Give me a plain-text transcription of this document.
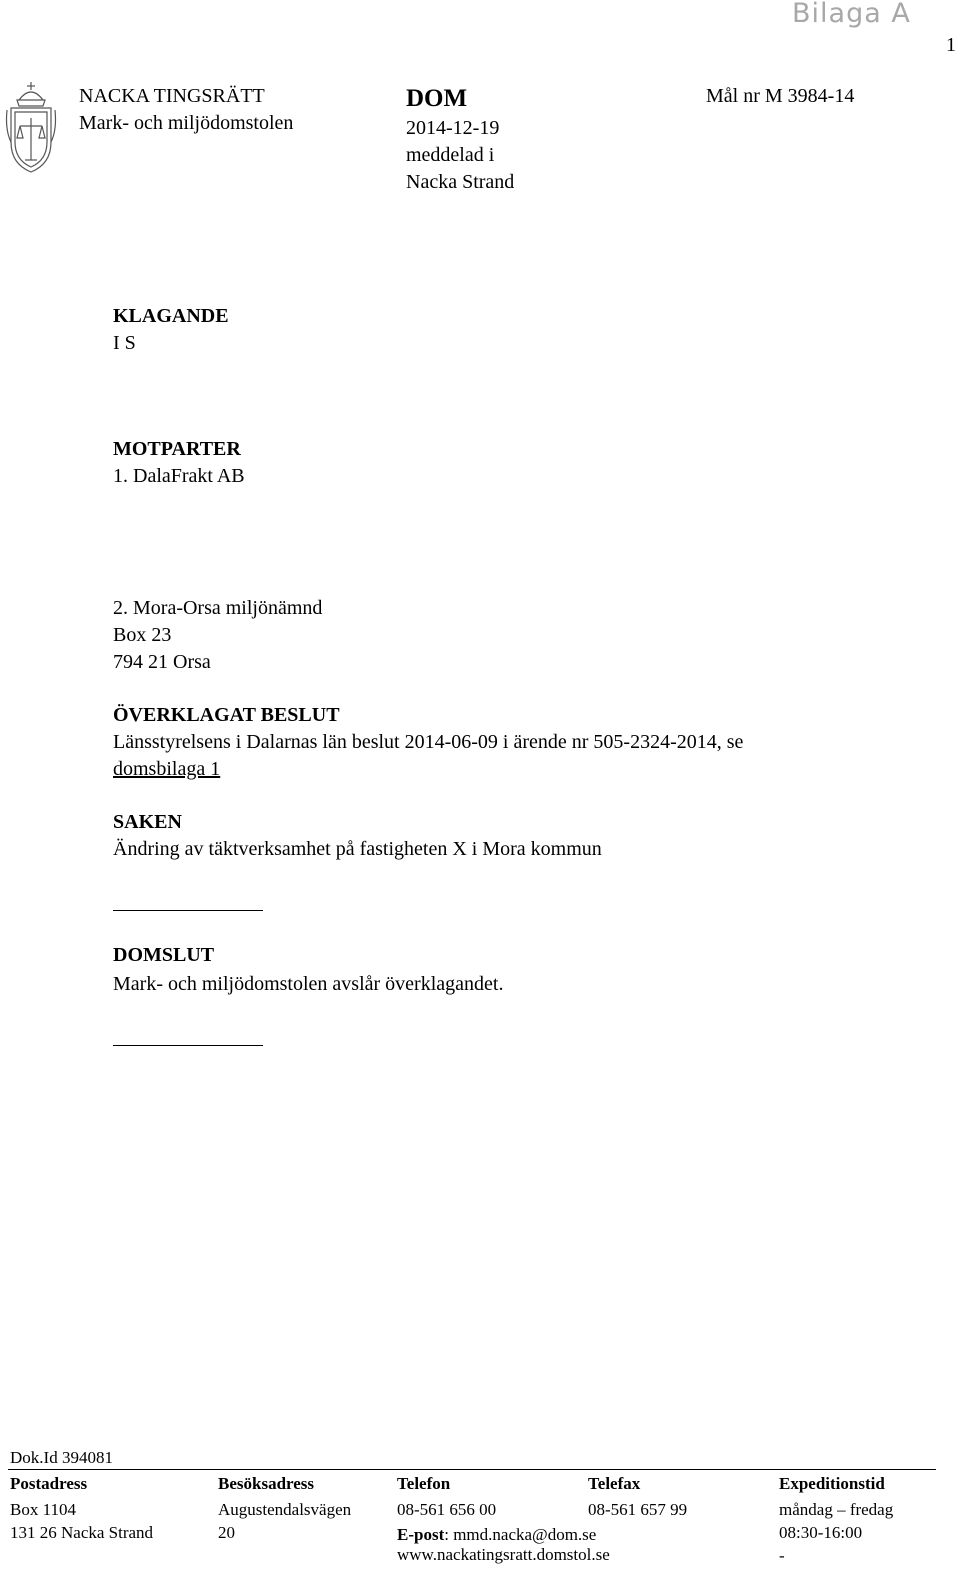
Bilaga A
1
NACKA TINGSRÄTT
Mark- och miljödomstolen
DOM
2014-12-19
meddelad i
Nacka Strand
Mål nr M 3984-14
KLAGANDE
I S
MOTPARTER
1. DalaFrakt AB
2. Mora-Orsa miljönämnd
Box 23
794 21 Orsa
ÖVERKLAGAT BESLUT
Länsstyrelsens i Dalarnas län beslut 2014-06-09 i ärende nr 505-2324-2014, se
domsbilaga 1
SAKEN
Ändring av täktverksamhet på fastigheten X i Mora kommun
DOMSLUT
Mark- och miljödomstolen avslår överklagandet.
Dok.Id 394081
Postadress
Box 1104
131 26 Nacka Strand
Besöksadress
Augustendalsvägen
20
Telefon
08-561 656 00
E-post: mmd.nacka@dom.se
www.nackatingsratt.domstol.se
Telefax
08-561 657 99
Expeditionstid
måndag – fredag
08:30-16:00
-
